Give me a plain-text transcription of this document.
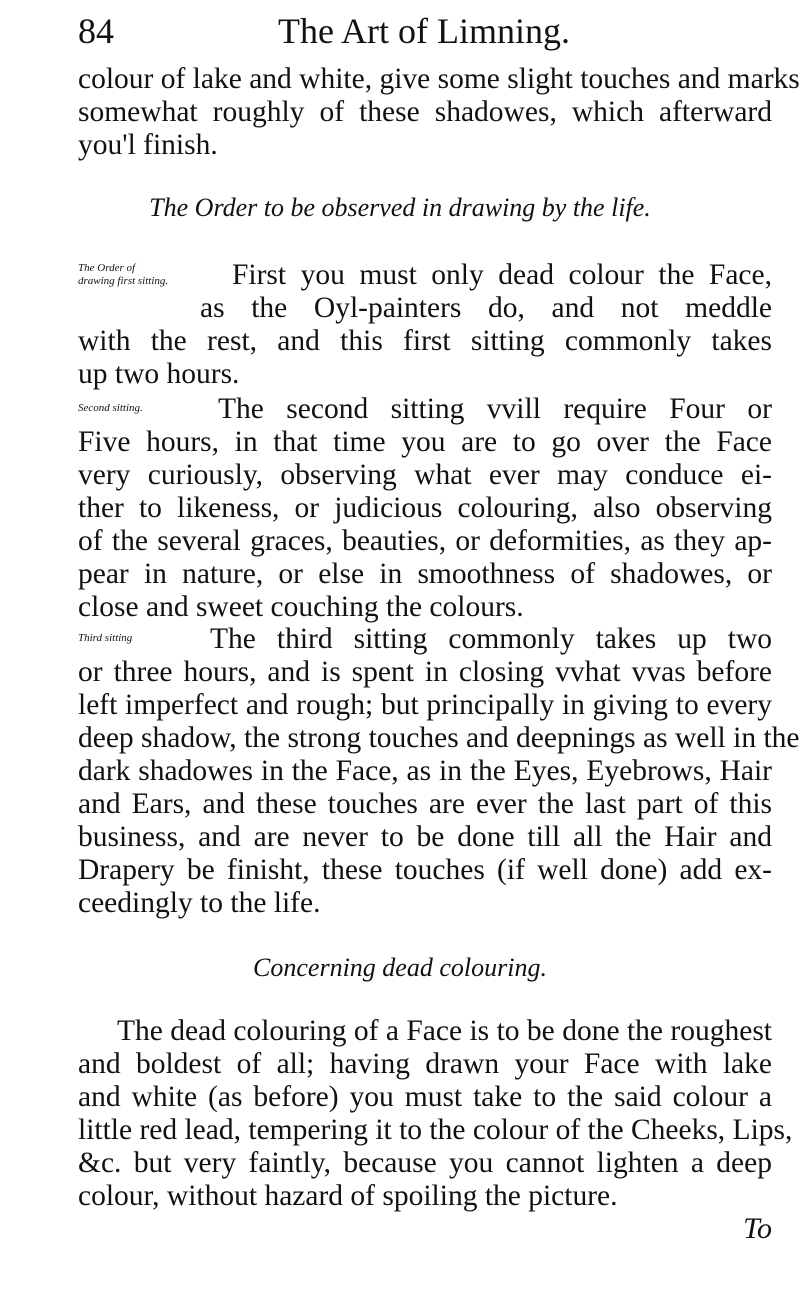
84	The Art of Limning.
colour of lake and white, give some slight touches and marks
somewhat roughly of these shadowes, which afterward
you'l finish.
The Order to be observed in drawing by the life.
The Order of drawing first sitting. First you must only dead colour the Face,
as the Oyl-painters do, and not meddle
with the rest, and this first sitting commonly takes
up two hours.
Second sitting.	The second sitting vvill require Four or
Five hours, in that time you are to go over the Face
very curiously, observing what ever may conduce ei-
ther to likeness, or judicious colouring, also observing
of the several graces, beauties, or deformities, as they ap-
pear in nature, or else in smoothness of shadowes, or
close and sweet couching the colours.
Third sitting	The third sitting commonly takes up two
or three hours, and is spent in closing vvhat vvas before
left imperfect and rough; but principally in giving to every
deep shadow, the strong touches and deepnings as well in the
dark shadowes in the Face, as in the Eyes, Eyebrows, Hair
and Ears, and these touches are ever the last part of this
business, and are never to be done till all the Hair and
Drapery be finisht, these touches (if well done) add ex-
ceedingly to the life.
Concerning dead colouring.
The dead colouring of a Face is to be done the roughest
and boldest of all; having drawn your Face with lake
and white (as before) you must take to the said colour a
little red lead, tempering it to the colour of the Cheeks, Lips,
&c. but very faintly, because you cannot lighten a deep
colour, without hazard of spoiling the picture.
To
